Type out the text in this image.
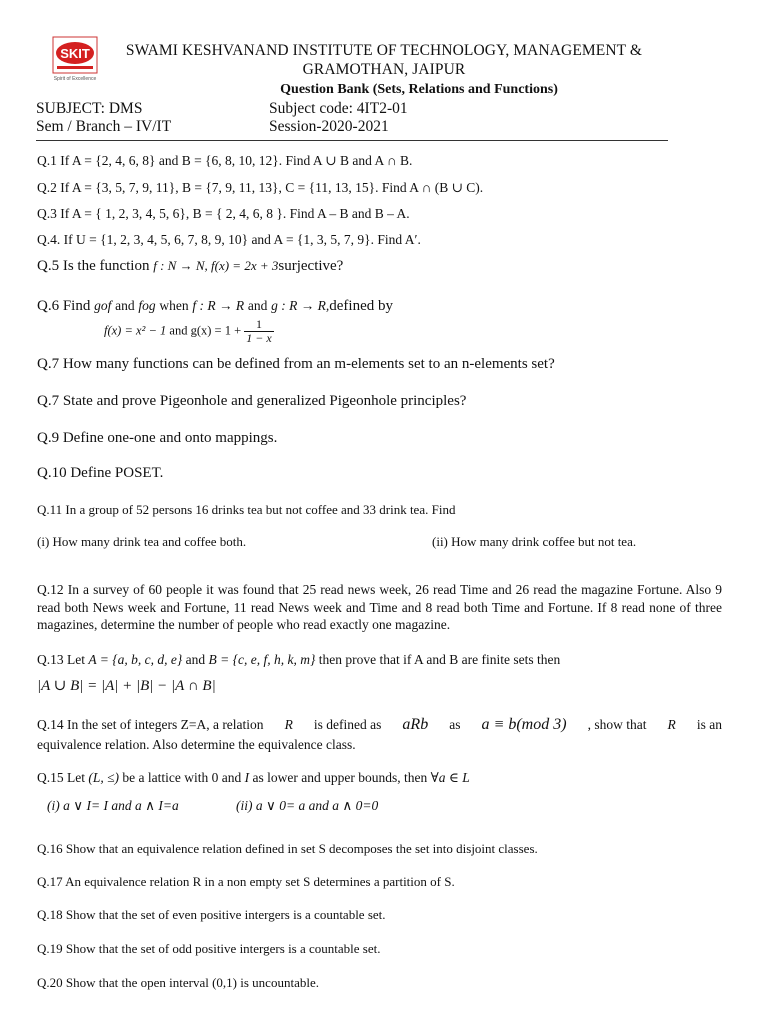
SKIT
Spirit of Excellence
SWAMI KESHVANAND INSTITUTE OF TECHNOLOGY, MANAGEMENT &
GRAMOTHAN, JAIPUR
Question Bank (Sets, Relations and Functions)
SUBJECT: DMS	Subject code: 4IT2-01
Sem / Branch – IV/IT	Session-2020-2021
Q.1 If A = {2, 4, 6, 8} and B = {6, 8, 10, 12}. Find A ∪ B and A ∩ B.
Q.2 If A = {3, 5, 7, 9, 11}, B = {7, 9, 11, 13}, C = {11, 13, 15}. Find A ∩ (B ∪ C).
Q.3 If A = { 1, 2, 3, 4, 5, 6}, B = { 2, 4, 6, 8 }. Find A – B and B – A.
Q.4. If U = {1, 2, 3, 4, 5, 6, 7, 8, 9, 10} and A = {1, 3, 5, 7, 9}. Find A′.
Q.5 Is the function f : N → N, f(x) = 2x + 3surjective?
Q.6 Find gof and fog when f : R → R and g : R → R,defined by
f(x) = x² − 1 and $g(x) = 1 + \frac{1}{1 - x}$
Q.7 How many functions can be defined from an m-elements set to an n-elements set?
Q.7 State and prove Pigeonhole and generalized Pigeonhole principles?
Q.9 Define one-one and onto mappings.
Q.10 Define POSET.
Q.11 In a group of 52 persons 16 drinks tea but not coffee and 33 drink tea. Find
(i) How many drink tea and coffee both.	(ii) How many drink coffee but not tea.
Q.12 In a survey of 60 people it was found that 25 read news week, 26 read Time and 26 read the magazine Fortune. Also 9 read both News week and Fortune, 11 read News week and Time and 8 read both Time and Fortune. If 8 read none of three magazines, determine the number of people who read exactly one magazine.
Q.13 Let A = {a, b, c, d, e} and B = {c, e, f, h, k, m} then prove that if A and B are finite sets then
|A ∪ B| = |A| + |B| − |A ∩ B|
Q.14 In the set of integers Z=A, a relation R is defined as aRb as a ≡ b(mod 3) , show that R is an
equivalence relation. Also determine the equivalence class.
Q.15 Let (L, ≤) be a lattice with 0 and I as lower and upper bounds, then ∀a ∈ L
(i) a ∨ I= I and a ∧ I=a	(ii) a ∨ 0= a and a ∧ 0=0
Q.16 Show that an equivalence relation defined in set S decomposes the set into disjoint classes.
Q.17 An equivalence relation R in a non empty set S determines a partition of S.
Q.18 Show that the set of even positive intergers is a countable set.
Q.19 Show that the set of odd positive intergers is a countable set.
Q.20 Show that the open interval (0,1) is uncountable.
